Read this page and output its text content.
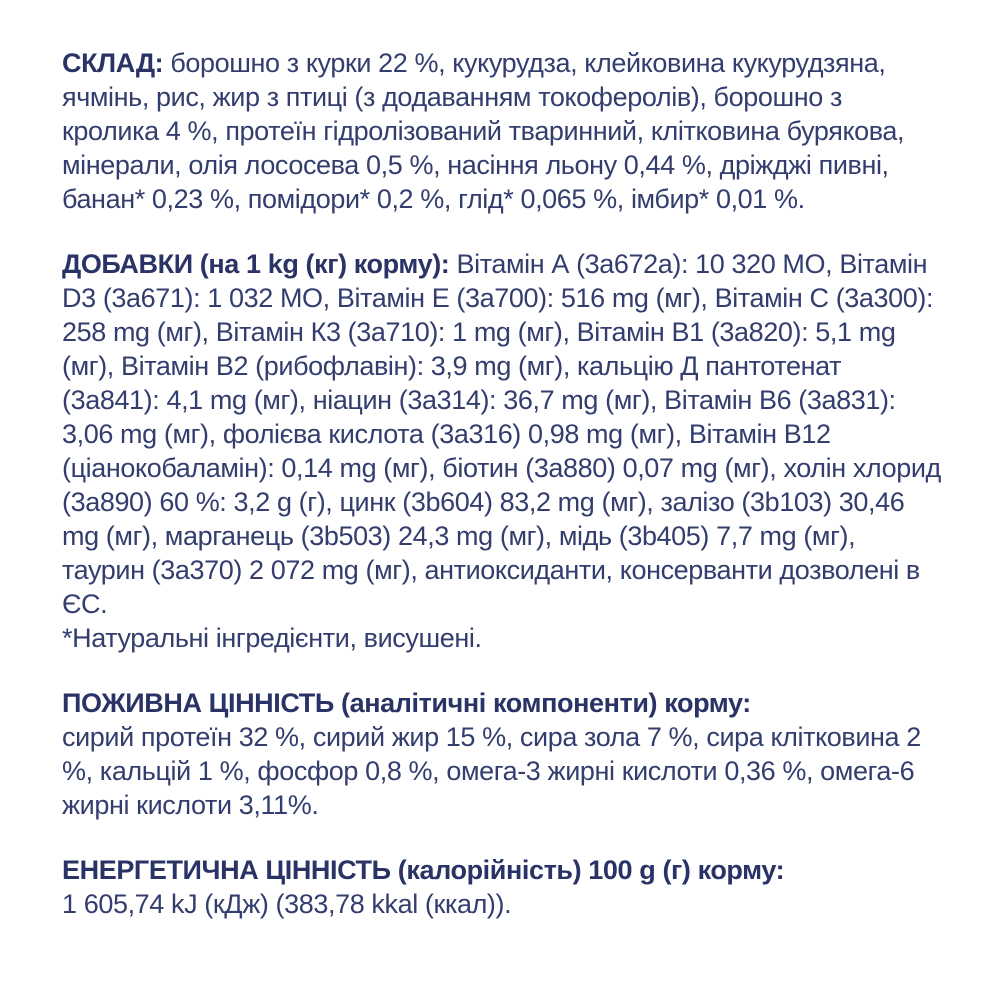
СКЛАД: борошно з курки 22 %, кукурудза, клейковина кукурудзяна, ячмінь, рис, жир з птиці (з додаванням токоферолів), борошно з кролика 4 %, протеїн гідролізований тваринний, клітковина бурякова, мінерали, олія лососева 0,5 %, насіння льону 0,44 %, дріжджі пивні, банан* 0,23 %, помідори* 0,2 %, глід* 0,065 %, імбир* 0,01 %.

ДОБАВКИ (на 1 kg (кг) корму): Вітамін А (3а672а): 10 320 МО, Вітамін D3 (3а671): 1 032 МО, Вітамін Е (3а700): 516 mg (мг), Вітамін С (3а300): 258 mg (мг), Вітамін К3 (3а710): 1 mg (мг), Вітамін В1 (3а820): 5,1 mg (мг), Вітамін В2 (рибофлавін): 3,9 mg (мг), кальцію Д пантотенат (3а841): 4,1 mg (мг), ніацин (3а314): 36,7 mg (мг), Вітамін В6 (3а831): 3,06 mg (мг), фолієва кислота (3а316) 0,98 mg (мг), Вітамін В12 (ціанокобаламін): 0,14 mg (мг), біотин (3а880) 0,07 mg (мг), холін хлорид (3а890) 60 %: 3,2 g (г), цинк (3b604) 83,2 mg (мг), залізо (3b103) 30,46 mg (мг), марганець (3b503) 24,3 mg (мг), мідь (3b405) 7,7 mg (мг), таурин (3а370) 2 072 mg (мг), антиоксиданти, консерванти дозволені в ЄС.

*Натуральні інгредієнти, висушені.

ПОЖИВНА ЦІННІСТЬ (аналітичні компоненти) корму:
сирий протеїн 32 %, сирий жир 15 %, сира зола 7 %, сира клітковина 2 %, кальцій 1 %, фосфор 0,8 %, омега-3 жирні кислоти 0,36 %, омега-6 жирні кислоти 3,11%.

ЕНЕРГЕТИЧНА ЦІННІСТЬ (калорійність) 100 g (г) корму:
1 605,74 kJ (кДж) (383,78 kkal (ккал)).
